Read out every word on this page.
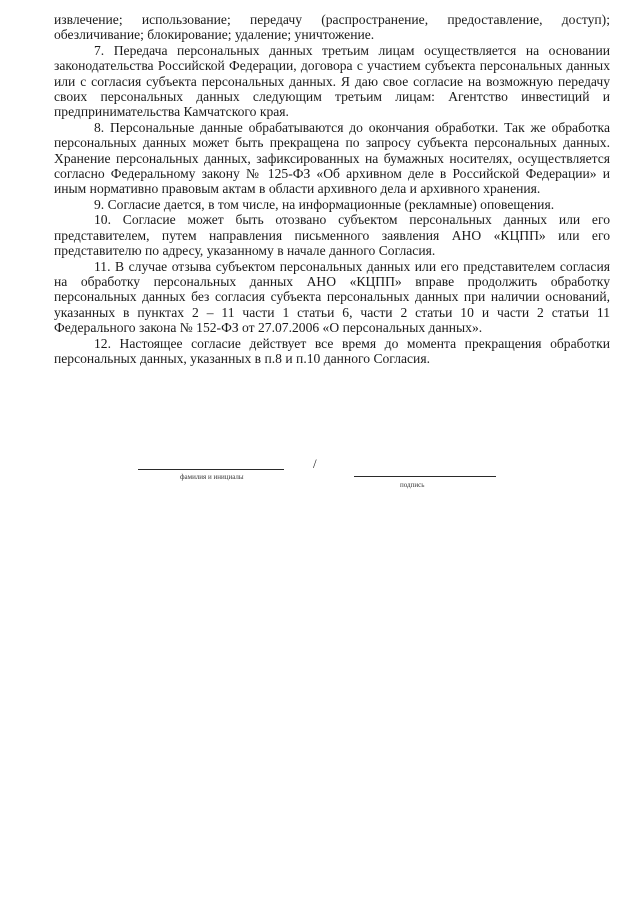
извлечение; использование; передачу (распространение, предоставление, доступ); обезличивание; блокирование; удаление; уничтожение.

7. Передача персональных данных третьим лицам осуществляется на основании законодательства Российской Федерации, договора с участием субъекта персональных данных или с согласия субъекта персональных данных. Я даю свое согласие на возможную передачу своих персональных данных следующим третьим лицам: Агентство инвестиций и предпринимательства Камчатского края.

8. Персональные данные обрабатываются до окончания обработки. Так же обработка персональных данных может быть прекращена по запросу субъекта персональных данных. Хранение персональных данных, зафиксированных на бумажных носителях, осуществляется согласно Федеральному закону № 125-ФЗ «Об архивном деле в Российской Федерации» и иным нормативно правовым актам в области архивного дела и архивного хранения.

9. Согласие дается, в том числе, на информационные (рекламные) оповещения.

10. Согласие может быть отозвано субъектом персональных данных или его представителем, путем направления письменного заявления АНО «КЦПП» или его представителю по адресу, указанному в начале данного Согласия.

11. В случае отзыва субъектом персональных данных или его представителем согласия на обработку персональных данных АНО «КЦПП» вправе продолжить обработку персональных данных без согласия субъекта персональных данных при наличии оснований, указанных в пунктах 2 – 11 части 1 статьи 6, части 2 статьи 10 и части 2 статьи 11 Федерального закона № 152-ФЗ от 27.07.2006 «О персональных данных».

12. Настоящее согласие действует все время до момента прекращения обработки персональных данных, указанных в п.8 и п.10 данного Согласия.

/
фамилия и инициалы
подпись
